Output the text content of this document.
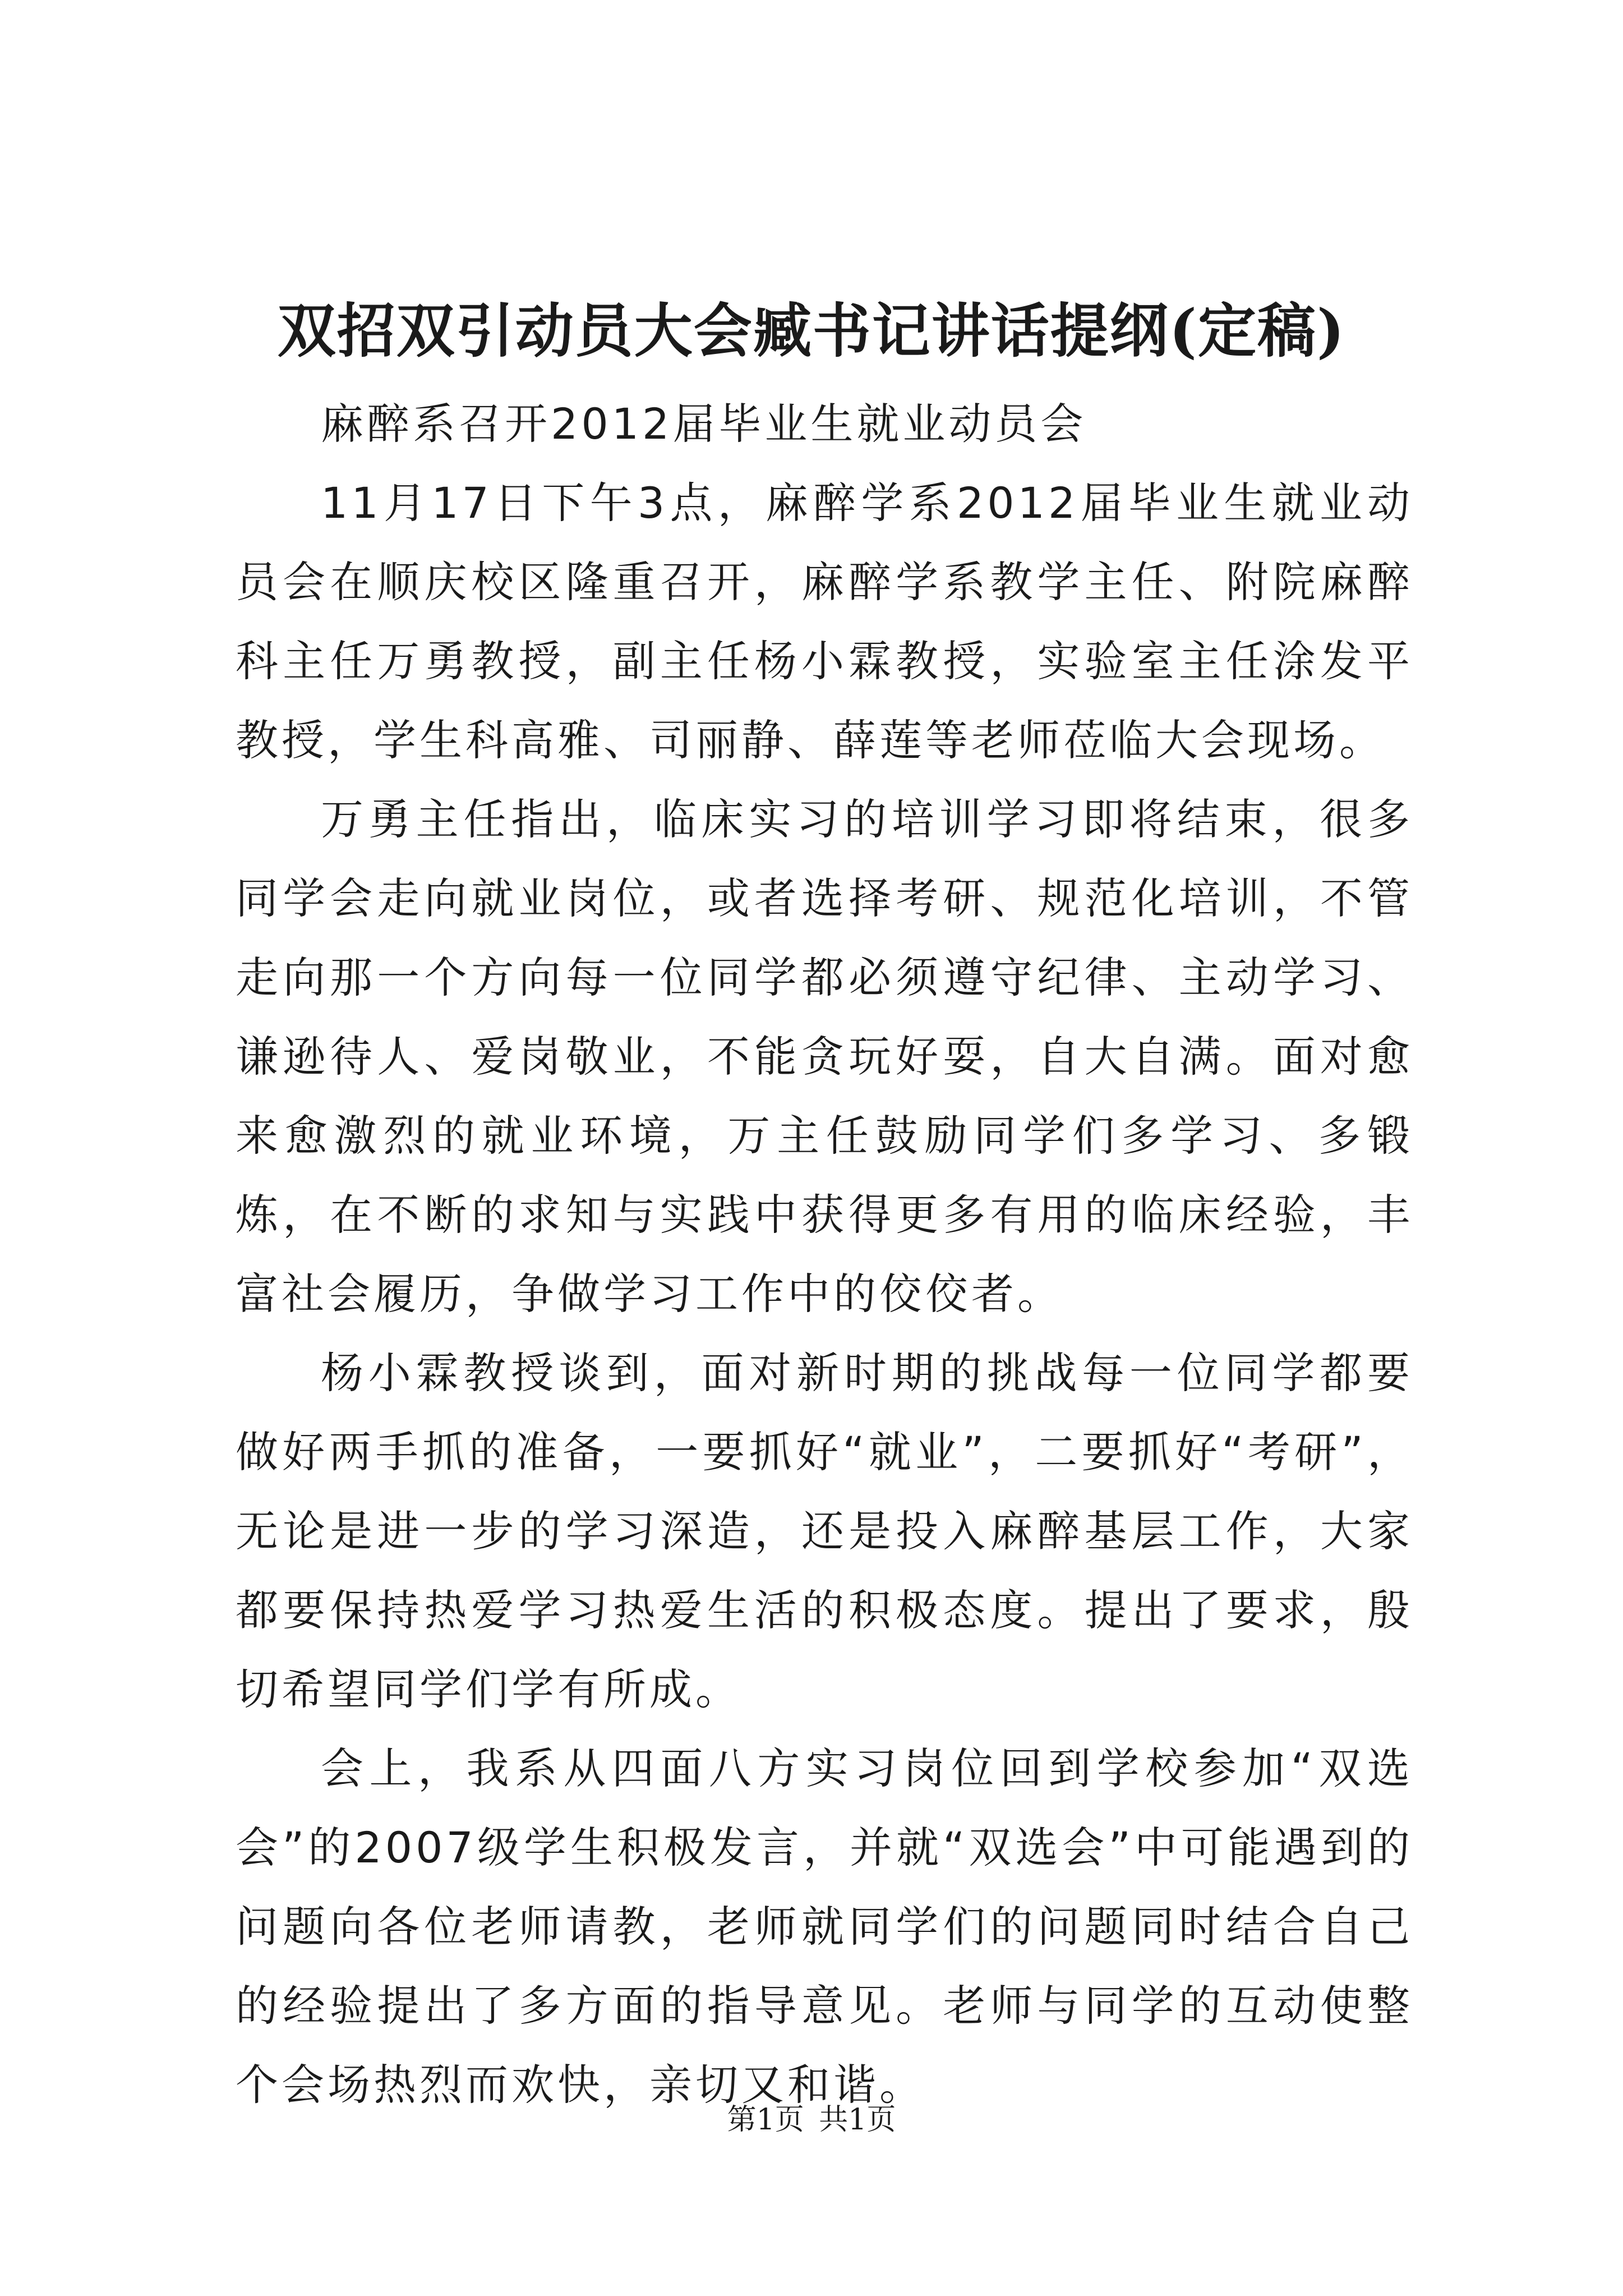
双招双引动员大会臧书记讲话提纲(定稿)

麻醉系召开2012届毕业生就业动员会

11月17日下午3点，麻醉学系2012届毕业生就业动员会在顺庆校区隆重召开，麻醉学系教学主任、附院麻醉科主任万勇教授，副主任杨小霖教授，实验室主任涂发平教授，学生科高雅、司丽静、薛莲等老师莅临大会现场。

万勇主任指出，临床实习的培训学习即将结束，很多同学会走向就业岗位，或者选择考研、规范化培训，不管走向那一个方向每一位同学都必须遵守纪律、主动学习、谦逊待人、爱岗敬业，不能贪玩好耍，自大自满。面对愈来愈激烈的就业环境，万主任鼓励同学们多学习、多锻炼，在不断的求知与实践中获得更多有用的临床经验，丰富社会履历，争做学习工作中的佼佼者。

杨小霖教授谈到，面对新时期的挑战每一位同学都要做好两手抓的准备，一要抓好“就业”，二要抓好“考研”，无论是进一步的学习深造，还是投入麻醉基层工作，大家都要保持热爱学习热爱生活的积极态度。提出了要求，殷切希望同学们学有所成。

会上，我系从四面八方实习岗位回到学校参加“双选会”的2007级学生积极发言，并就“双选会”中可能遇到的问题向各位老师请教，老师就同学们的问题同时结合自己的经验提出了多方面的指导意见。老师与同学的互动使整个会场热烈而欢快，亲切又和谐。

第1页 共1页
